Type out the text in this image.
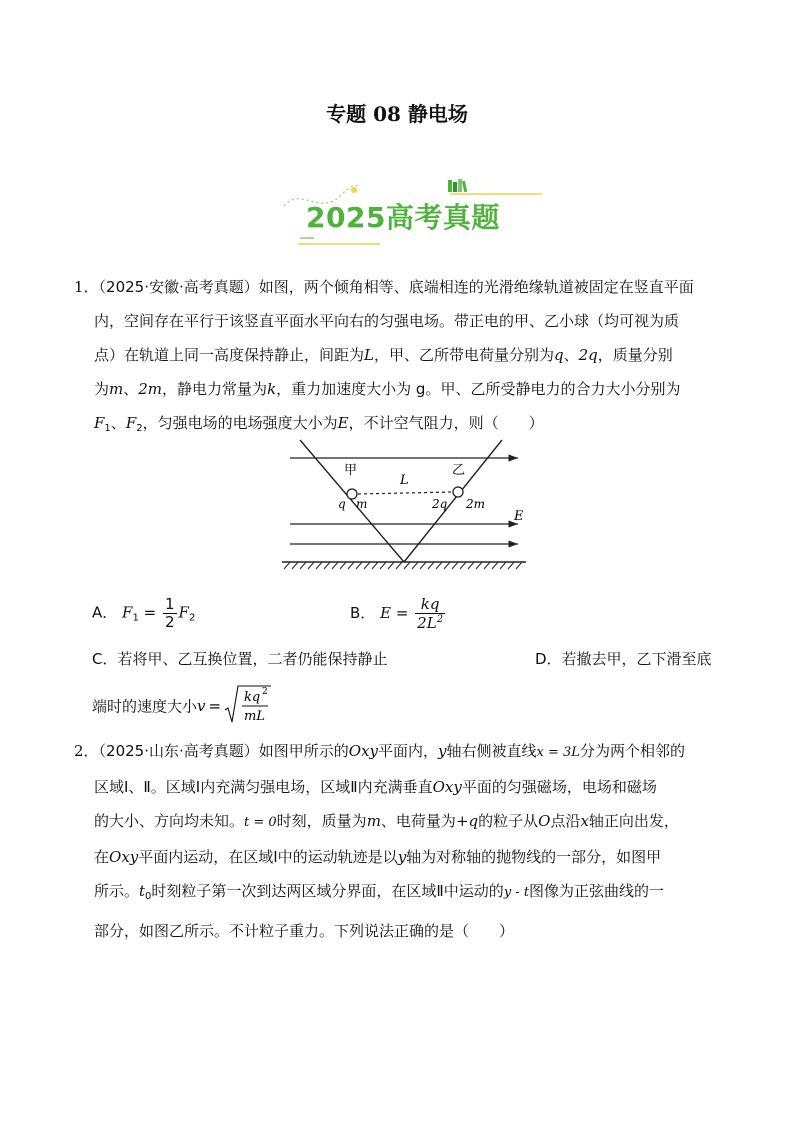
专题 08 静电场
2025高考真题

1．（2025·安徽·高考真题）如图，两个倾角相等、底端相连的光滑绝缘轨道被固定在竖直平面

内，空间存在平行于该竖直平面水平向右的匀强电场。带正电的甲、乙小球（均可视为质

点）在轨道上同一高度保持静止，间距为L，甲、乙所带电荷量分别为q、2q，质量分别

为m、2m，静电力常量为k，重力加速度大小为 g。甲、乙所受静电力的合力大小分别为

$F_1$、$F_2$，匀强电场的电场强度大小为E，不计空气阻力，则（　　）

甲	乙
L
q m	2q 2m
E
A． $F_1 = \frac{1}{2} F_2$	B． $E = \frac{kq}{2L^2}$
C．若将甲、乙互换位置，二者仍能保持静止	D．若撤去甲，乙下滑至底
端时的速度大小v = kq 2
mL

2．（2025·山东·高考真题）如图甲所示的Oxy平面内，y轴右侧被直线x = 3L分为两个相邻的

区域Ⅰ、Ⅱ。区域Ⅰ内充满匀强电场，区域Ⅱ内充满垂直Oxy平面的匀强磁场，电场和磁场

的大小、方向均未知。t = 0时刻，质量为m、电荷量为+q的粒子从O点沿x轴正向出发，

在Oxy平面内运动，在区域Ⅰ中的运动轨迹是以y轴为对称轴的抛物线的一部分，如图甲

所示。$t_0$时刻粒子第一次到达两区域分界面，在区域Ⅱ中运动的y - t图像为正弦曲线的一

部分，如图乙所示。不计粒子重力。下列说法正确的是（　　）
